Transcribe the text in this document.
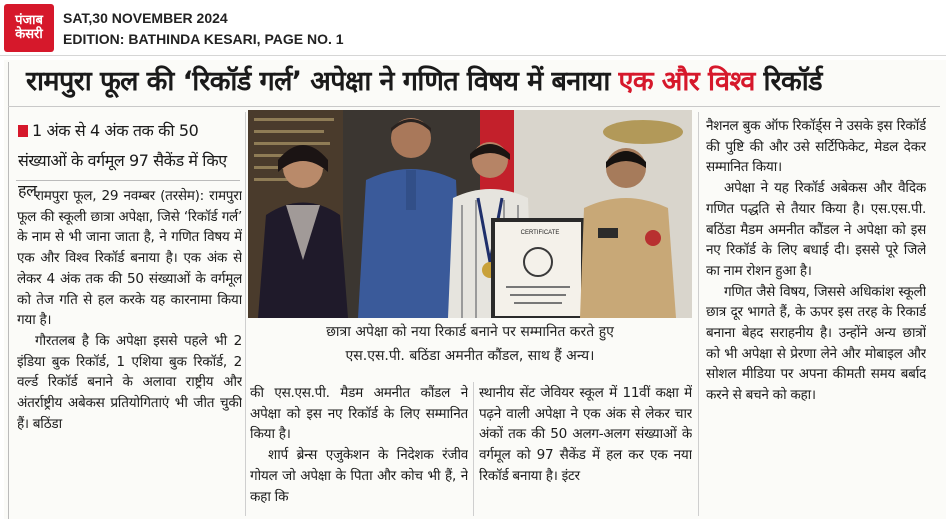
पंजाब
केसरी
SAT,30 NOVEMBER 2024
EDITION: BATHINDA KESARI, PAGE NO. 1
रामपुरा फूल की ‘रिकॉर्ड गर्ल’ अपेक्षा ने गणित विषय में बनाया एक और विश्व रिकॉर्ड
1 अंक से 4 अंक तक की 50 संख्याओं के वर्गमूल 97 सैकेंड में किए हल

रामपुरा फूल, 29 नवम्बर (तरसेम): रामपुरा फूल की स्कूली छात्रा अपेक्षा, जिसे ‘रिकॉर्ड गर्ल’ के नाम से भी जाना जाता है, ने गणित विषय में एक और विश्व रिकॉर्ड बनाया है। एक अंक से लेकर 4 अंक तक की 50 संख्याओं के वर्गमूल को तेज गति से हल करके यह कारनामा किया गया है।

गौरतलब है कि अपेक्षा इससे पहले भी 2 इंडिया बुक रिकॉर्ड, 1 एशिया बुक रिकॉर्ड, 2 वर्ल्ड रिकॉर्ड बनाने के अलावा राष्ट्रीय और अंतर्राष्ट्रीय अबेकस प्रतियोगिताएं भी जीत चुकी हैं। बठिंडा

CERTIFICATE
छात्रा अपेक्षा को नया रिकार्ड बनाने पर सम्मानित करते हुए
एस.एस.पी. बठिंडा अमनीत कौंडल, साथ हैं अन्य।

की एस.एस.पी. मैडम अमनीत कौंडल ने अपेक्षा को इस नए रिकॉर्ड के लिए सम्मानित किया है।

शार्प ब्रेन्स एजुकेशन के निदेशक रंजीव गोयल जो अपेक्षा के पिता और कोच भी हैं, ने कहा कि

स्थानीय सेंट जेवियर स्कूल में 11वीं कक्षा में पढ़ने वाली अपेक्षा ने एक अंक से लेकर चार अंकों तक की 50 अलग-अलग संख्याओं के वर्गमूल को 97 सैकेंड में हल कर एक नया रिकॉर्ड बनाया है। इंटर

नैशनल बुक ऑफ रिकॉर्ड्स ने उसके इस रिकॉर्ड की पुष्टि की और उसे सर्टिफिकेट, मेडल देकर सम्मानित किया।

अपेक्षा ने यह रिकॉर्ड अबेकस और वैदिक गणित पद्धति से तैयार किया है। एस.एस.पी. बठिंडा मैडम अमनीत कौंडल ने अपेक्षा को इस नए रिकॉर्ड के लिए बधाई दी। इससे पूरे जिले का नाम रोशन हुआ है।

गणित जैसे विषय, जिससे अधिकांश स्कूली छात्र दूर भागते हैं, के ऊपर इस तरह के रिकार्ड बनाना बेहद सराहनीय है। उन्होंने अन्य छात्रों को भी अपेक्षा से प्रेरणा लेने और मोबाइल और सोशल मीडिया पर अपना कीमती समय बर्बाद करने से बचने को कहा।
